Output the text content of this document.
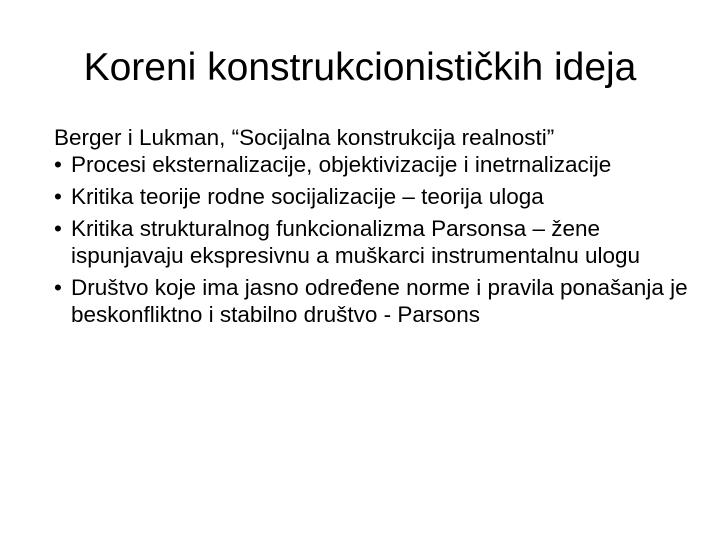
Koreni konstrukcionističkih ideja

Berger i Lukman, “Socijalna konstrukcija realnosti”

• Procesi eksternalizacije, objektivizacije i inetrnalizacije
• Kritika teorije rodne socijalizacije – teorija uloga
• Kritika strukturalnog funkcionalizma Parsonsa – žene ispunjavaju ekspresivnu a muškarci instrumentalnu ulogu
• Društvo koje ima jasno određene norme i pravila ponašanja je beskonfliktno i stabilno društvo - Parsons
